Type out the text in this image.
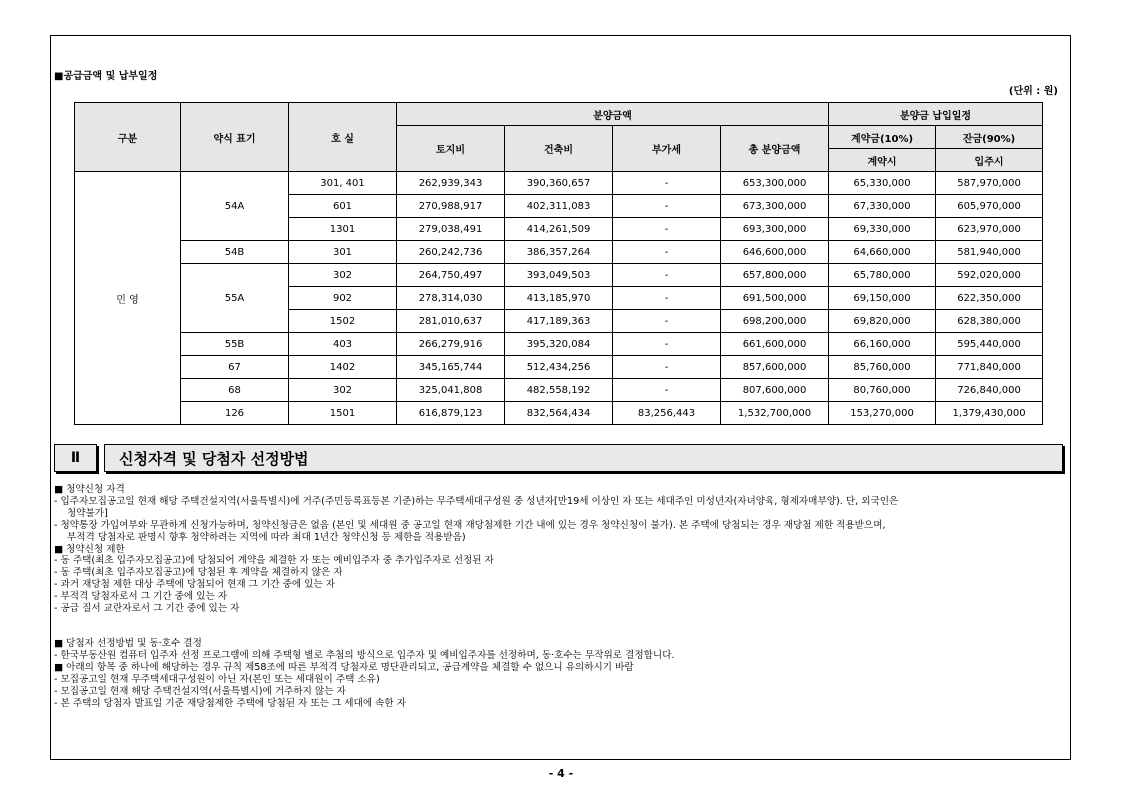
■공급금액 및 납부일정
(단위 : 원)
구분	약식 표기	호 실	분양금액				분양금 납입일정	
			토지비	건축비	부가세	총 분양금액	계약금(10%)	잔금(90%)
							계약시	입주시
민 영	54A	301, 401	262,939,343	390,360,657	-	653,300,000	65,330,000	587,970,000
		601	270,988,917	402,311,083	-	673,300,000	67,330,000	605,970,000
		1301	279,038,491	414,261,509	-	693,300,000	69,330,000	623,970,000
	54B	301	260,242,736	386,357,264	-	646,600,000	64,660,000	581,940,000
	55A	302	264,750,497	393,049,503	-	657,800,000	65,780,000	592,020,000
		902	278,314,030	413,185,970	-	691,500,000	69,150,000	622,350,000
		1502	281,010,637	417,189,363	-	698,200,000	69,820,000	628,380,000
	55B	403	266,279,916	395,320,084	-	661,600,000	66,160,000	595,440,000
	67	1402	345,165,744	512,434,256	-	857,600,000	85,760,000	771,840,000
	68	302	325,041,808	482,558,192	-	807,600,000	80,760,000	726,840,000
	126	1501	616,879,123	832,564,434	83,256,443	1,532,700,000	153,270,000	1,379,430,000
Ⅱ	신청자격 및 당첨자 선정방법

■ 청약신청 자격

- 입주자모집공고일 현재 해당 주택건설지역(서울특별시)에 거주(주민등록표등본 기준)하는 무주택세대구성원 중 성년자[만19세 이상인 자 또는 세대주인 미성년자(자녀양육, 형제자매부양). 단, 외국인은

청약불가]

- 청약통장 가입여부와 무관하게 신청가능하며, 청약신청금은 없음 (본인 및 세대원 중 공고일 현재 재당첨제한 기간 내에 있는 경우 청약신청이 불가). 본 주택에 당첨되는 경우 재당첨 제한 적용받으며,

부적격 당첨자로 판명시 향후 청약하려는 지역에 따라 최대 1년간 청약신청 등 제한을 적용받음)

■ 청약신청 제한

- 동 주택(최초 입주자모집공고)에 당첨되어 계약을 체결한 자 또는 예비입주자 중 추가입주자로 선정된 자

- 동 주택(최초 입주자모집공고)에 당첨된 후 계약을 체결하지 않은 자

- 과거 재당첨 제한 대상 주택에 당첨되어 현재 그 기간 중에 있는 자

- 부적격 당첨자로서 그 기간 중에 있는 자

- 공급 질서 교란자로서 그 기간 중에 있는 자

■ 당첨자 선정방법 및 동·호수 결정

- 한국부동산원 컴퓨터 입주자 선정 프로그램에 의해 주택형 별로 추첨의 방식으로 입주자 및 예비입주자를 선정하며, 동·호수는 무작위로 결정합니다.

■ 아래의 항목 중 하나에 해당하는 경우 규칙 제58조에 따른 부적격 당첨자로 명단관리되고, 공급계약을 체결할 수 없으니 유의하시기 바람

- 모집공고일 현재 무주택세대구성원이 아닌 자(본인 또는 세대원이 주택 소유)

- 모집공고일 현재 해당 주택건설지역(서울특별시)에 거주하지 않는 자

- 본 주택의 당첨자 발표일 기준 재당첨제한 주택에 당첨된 자 또는 그 세대에 속한 자

- 4 -
